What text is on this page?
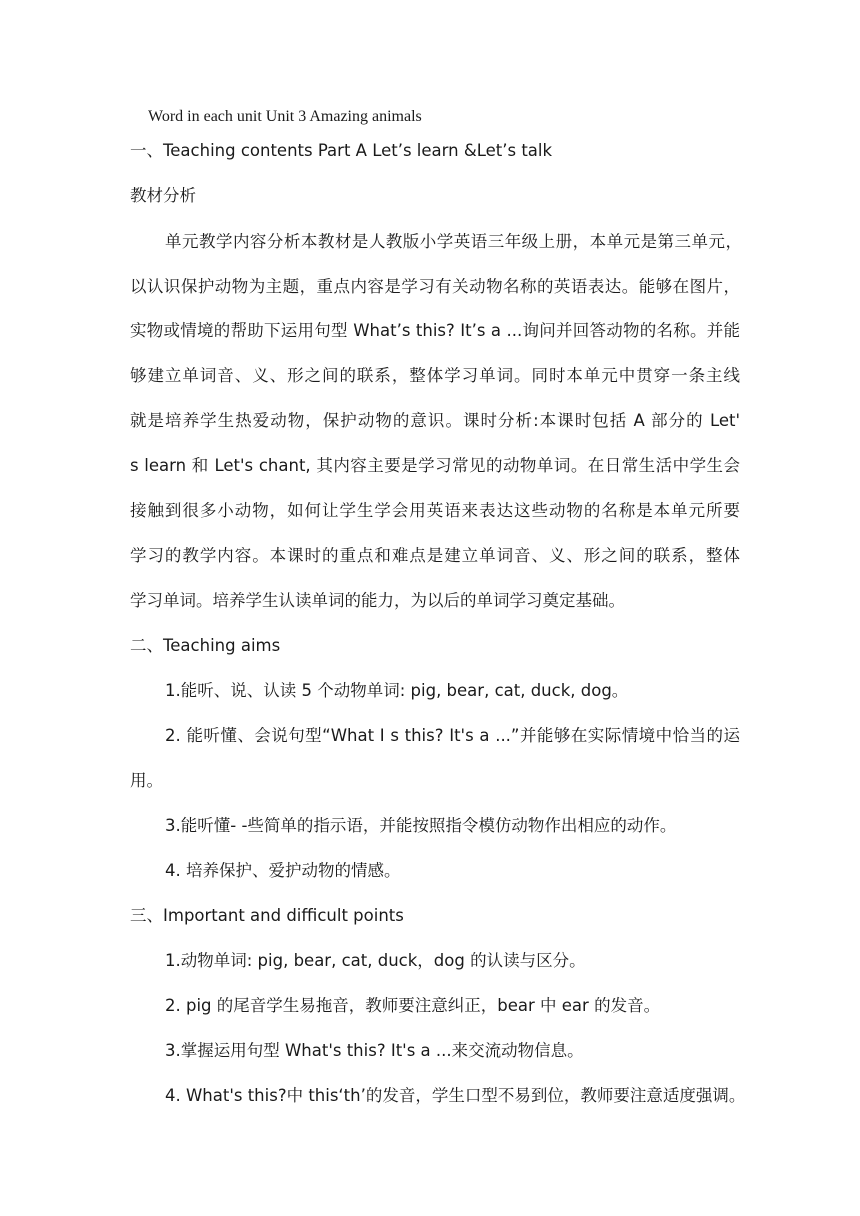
Word in each unit Unit 3 Amazing animals
一、Teaching contents Part A Let’s learn &Let’s talk
教材分析
单元教学内容分析本教材是人教版小学英语三年级上册，本单元是第三单元，
以认识保护动物为主题，重点内容是学习有关动物名称的英语表达。能够在图片，
实物或情境的帮助下运用句型 What’s this? It’s a ...询问并回答动物的名称。并能
够建立单词音、义、形之间的联系，整体学习单词。同时本单元中贯穿一条主线
就是培养学生热爱动物，保护动物的意识。课时分析:本课时包括 A 部分的 Let'
s learn 和 Let's chant, 其内容主要是学习常见的动物单词。在日常生活中学生会
接触到很多小动物，如何让学生学会用英语来表达这些动物的名称是本单元所要
学习的教学内容。本课时的重点和难点是建立单词音、义、形之间的联系，整体
学习单词。培养学生认读单词的能力，为以后的单词学习奠定基础。
二、Teaching aims
1.能听、说、认读 5 个动物单词: pig, bear, cat, duck, dog。
2. 能听懂、会说句型“What I s this? It's a ...”并能够在实际情境中恰当的运
用。
3.能听懂- -些简单的指示语，并能按照指令模仿动物作出相应的动作。
4. 培养保护、爱护动物的情感。
三、Important and difficult points
1.动物单词: pig, bear, cat, duck，dog 的认读与区分。
2. pig 的尾音学生易拖音，教师要注意纠正，bear 中 ear 的发音。
3.掌握运用句型 What's this? It's a ...来交流动物信息。
4. What's this?中 this‘th’的发音，学生口型不易到位，教师要注意适度强调。
